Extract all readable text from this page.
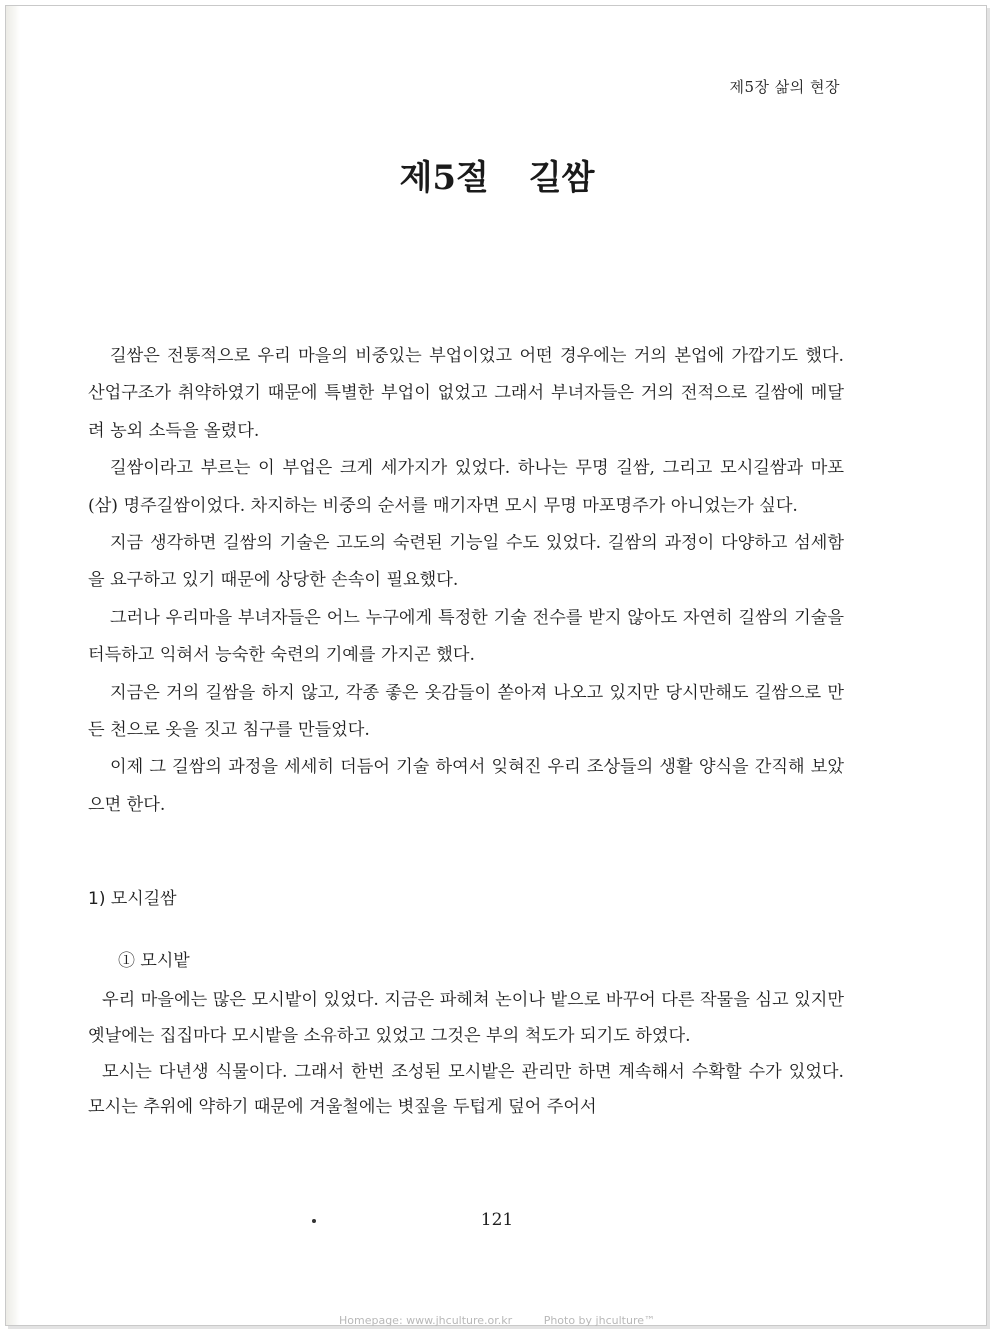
제5장 삶의 현장
제5절 길쌈

길쌈은 전통적으로 우리 마을의 비중있는 부업이었고 어떤 경우에는 거의 본업에 가깝기도 했다. 산업구조가 취약하였기 때문에 특별한 부업이 없었고 그래서 부녀자들은 거의 전적으로 길쌈에 메달려 농외 소득을 올렸다.

길쌈이라고 부르는 이 부업은 크게 세가지가 있었다. 하나는 무명 길쌈, 그리고 모시길쌈과 마포(삼) 명주길쌈이었다. 차지하는 비중의 순서를 매기자면 모시 무명 마포명주가 아니었는가 싶다.

지금 생각하면 길쌈의 기술은 고도의 숙련된 기능일 수도 있었다. 길쌈의 과정이 다양하고 섬세함을 요구하고 있기 때문에 상당한 손속이 필요했다.

그러나 우리마을 부녀자들은 어느 누구에게 특정한 기술 전수를 받지 않아도 자연히 길쌈의 기술을 터득하고 익혀서 능숙한 숙련의 기예를 가지곤 했다.

지금은 거의 길쌈을 하지 않고, 각종 좋은 옷감들이 쏟아져 나오고 있지만 당시만해도 길쌈으로 만든 천으로 옷을 짓고 침구를 만들었다.

이제 그 길쌈의 과정을 세세히 더듬어 기술 하여서 잊혀진 우리 조상들의 생활 양식을 간직해 보았으면 한다.

1) 모시길쌈
① 모시밭

우리 마을에는 많은 모시밭이 있었다. 지금은 파헤쳐 논이나 밭으로 바꾸어 다른 작물을 심고 있지만 옛날에는 집집마다 모시밭을 소유하고 있었고 그것은 부의 척도가 되기도 하였다.

모시는 다년생 식물이다. 그래서 한번 조성된 모시밭은 관리만 하면 계속해서 수확할 수가 있었다. 모시는 추위에 약하기 때문에 겨울철에는 볏짚을 두텁게 덮어 주어서

121
Homepage: www.jhculture.or.kr	Photo by jhculture™
